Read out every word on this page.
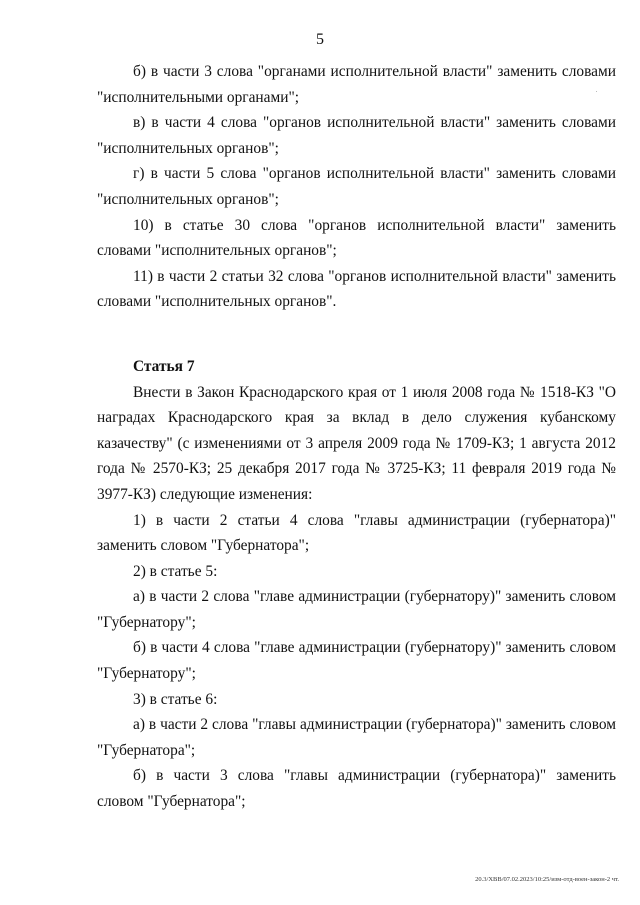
5

б) в части 3 слова "органами исполнительной власти" заменить словами "исполнительными органами";

в) в части 4 слова "органов исполнительной власти" заменить словами "исполнительных органов";

г) в части 5 слова "органов исполнительной власти" заменить словами "исполнительных органов";

10) в статье 30 слова "органов исполнительной власти" заменить словами "исполнительных органов";

11) в части 2 статьи 32 слова "органов исполнительной власти" заменить словами "исполнительных органов".

Статья 7

Внести в Закон Краснодарского края от 1 июля 2008 года № 1518-КЗ "О наградах Краснодарского края за вклад в дело служения кубанскому казачеству" (с изменениями от 3 апреля 2009 года № 1709-КЗ; 1 августа 2012 года № 2570-КЗ; 25 декабря 2017 года № 3725-КЗ; 11 февраля 2019 года № 3977-КЗ) следующие изменения:

1) в части 2 статьи 4 слова "главы администрации (губернатора)" заменить словом "Губернатора";

2) в статье 5:

а) в части 2 слова "главе администрации (губернатору)" заменить словом "Губернатору";

б) в части 4 слова "главе администрации (губернатору)" заменить словом "Губернатору";

3) в статье 6:

а) в части 2 слова "главы администрации (губернатора)" заменить словом "Губернатора";

б) в части 3 слова "главы администрации (губернатора)" заменить словом "Губернатора";

20.3/ХВВ/07.02.2023/10:25/изм-отд-воен-закон-2 чт.
